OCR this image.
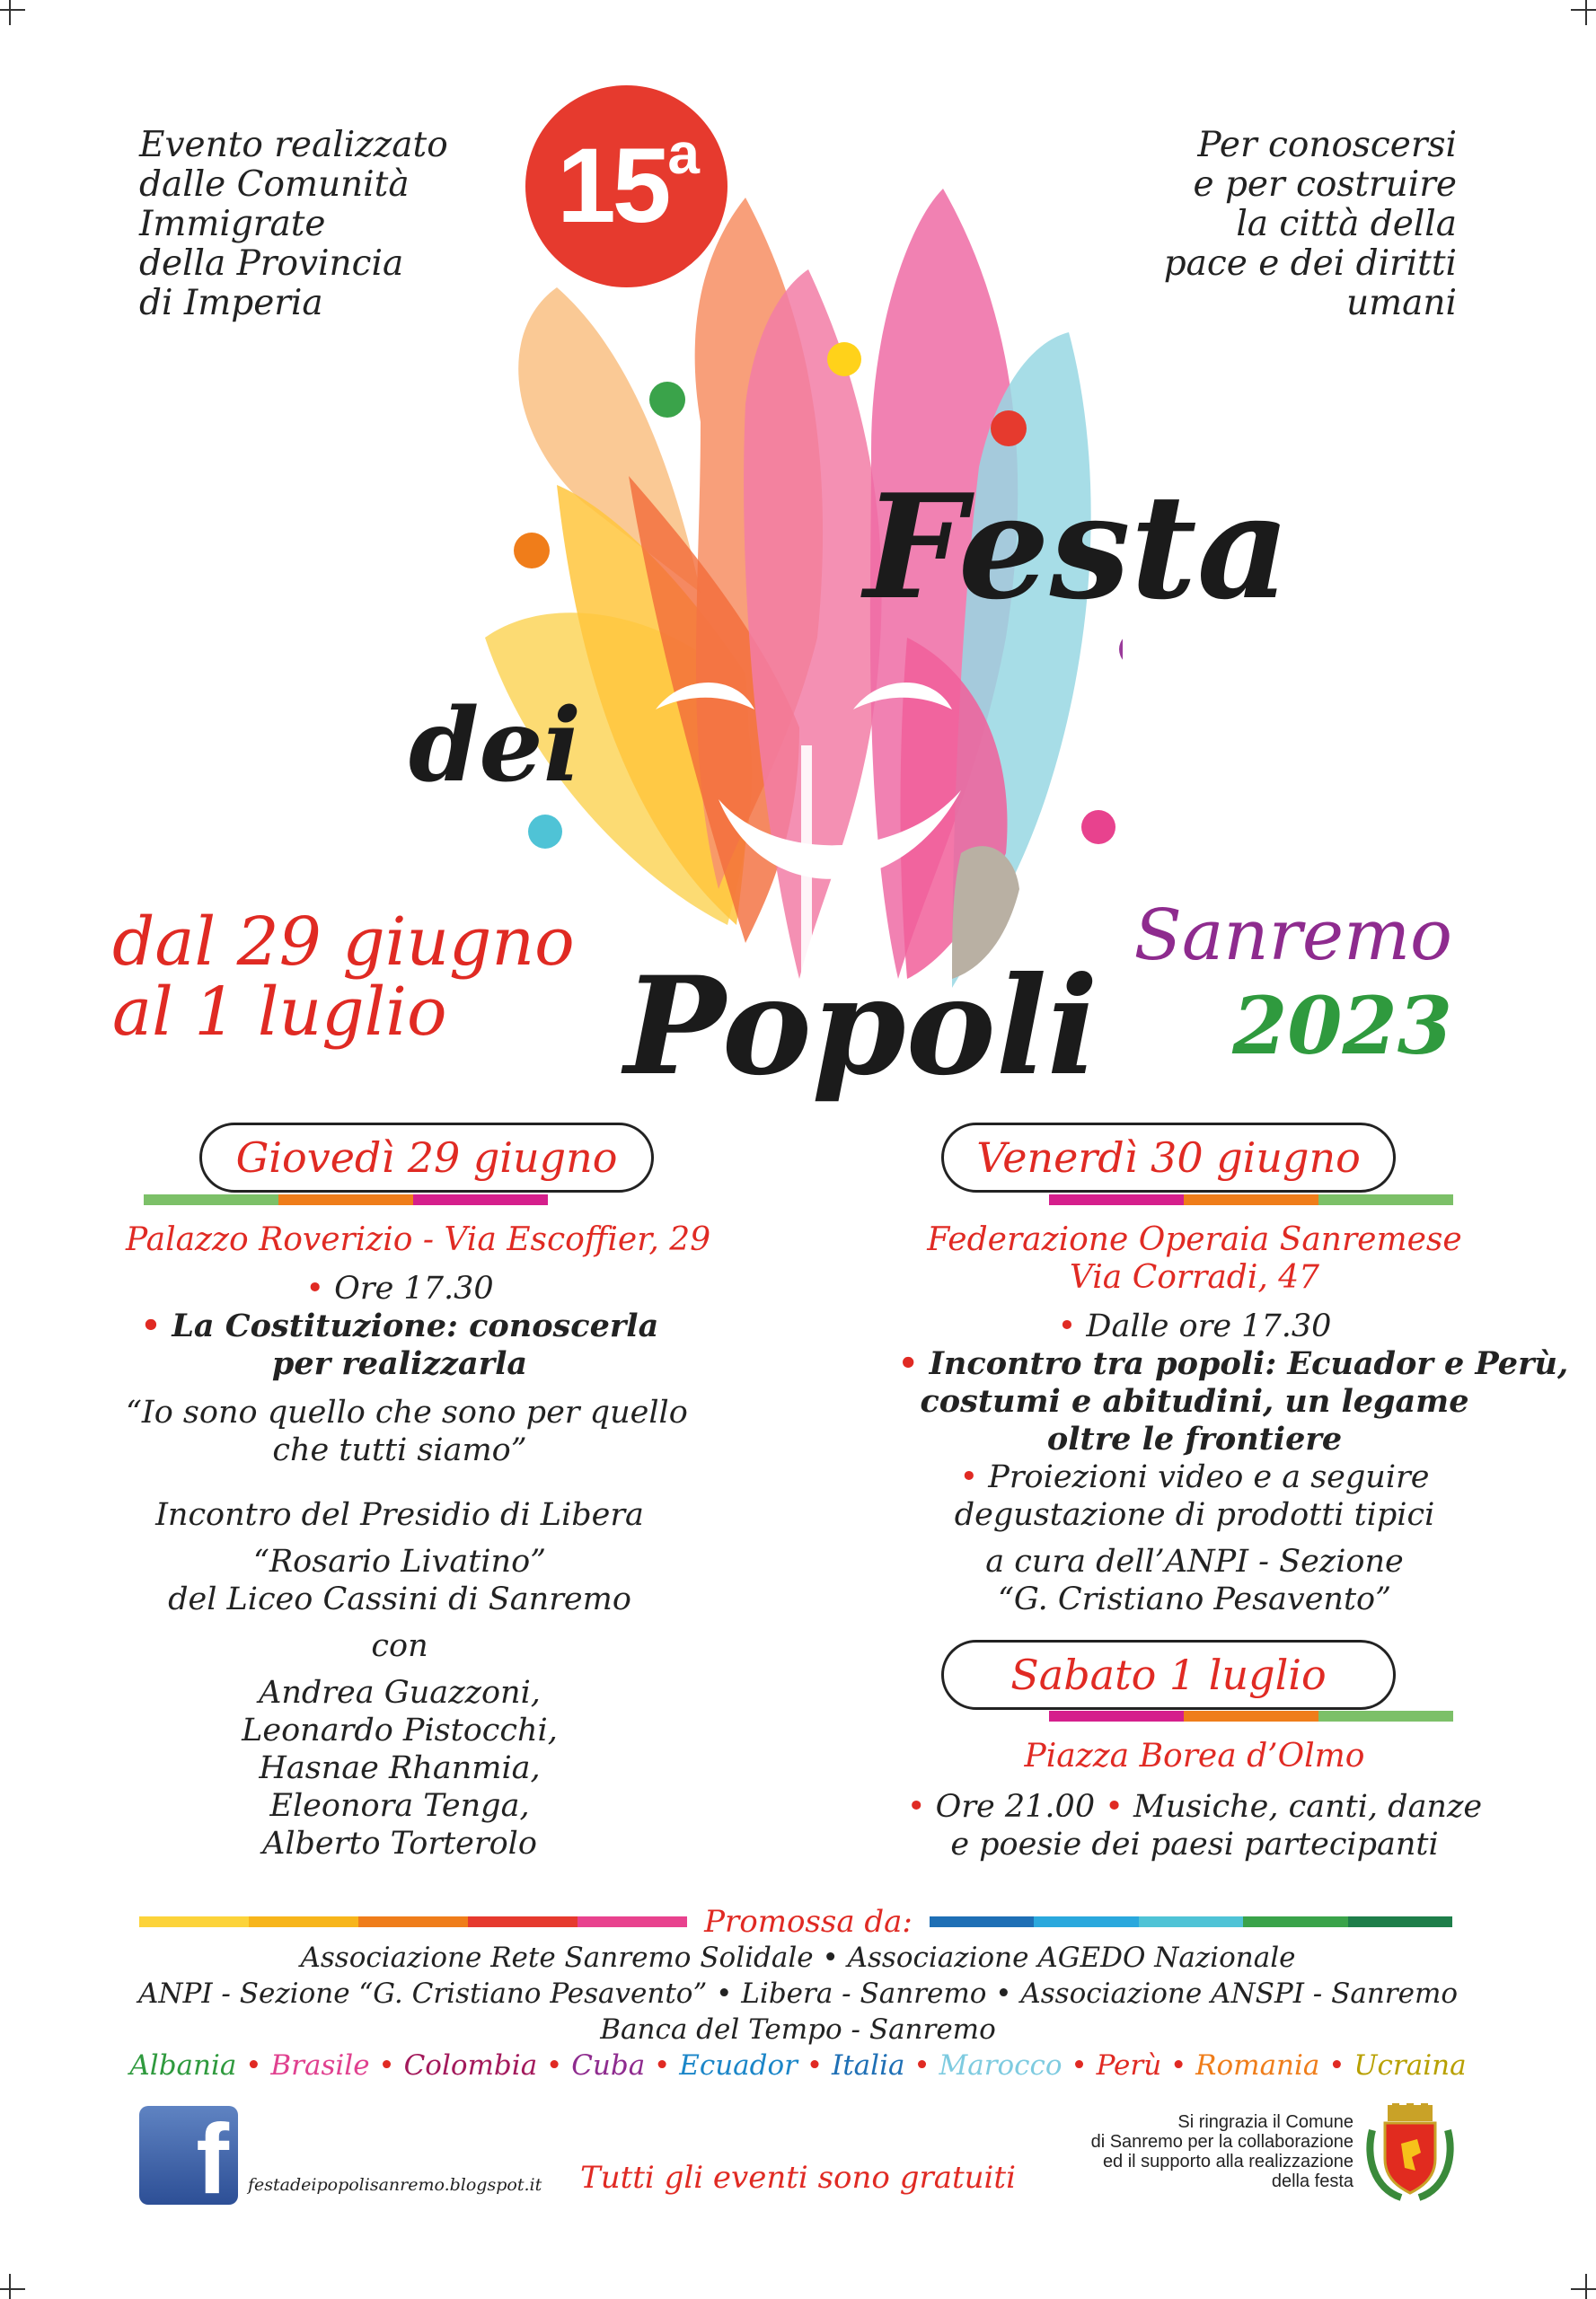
Evento realizzato
dalle Comunità
Immigrate
della Provincia
di Imperia
Per conoscersi
e per costruire
la città della
pace e dei diritti
umani
15$^a$
Festa
dei
Popoli
dal 29 giugno
al 1 luglio
Sanremo
2023
Giovedì 29 giugno	Venerdì 30 giugno
Palazzo Roverizio - Via Escoffier, 29
• Ore 17.30
• La Costituzione: conoscerla
per realizzarla
“Io sono quello che sono per quello
che tutti siamo”
Incontro del Presidio di Libera
“Rosario Livatino”
del Liceo Cassini di Sanremo
con
Andrea Guazzoni,
Leonardo Pistocchi,
Hasnae Rhanmia,
Eleonora Tenga,
Alberto Torterolo
Federazione Operaia Sanremese
Via Corradi, 47
• Dalle ore 17.30
• Incontro tra popoli: Ecuador e Perù,
costumi e abitudini, un legame
oltre le frontiere
• Proiezioni video e a seguire
degustazione di prodotti tipici
a cura dell’ANPI - Sezione
“G. Cristiano Pesavento”
Sabato 1 luglio
Piazza Borea d’Olmo
• Ore 21.00 • Musiche, canti, danze
e poesie dei paesi partecipanti
Promossa da:
Associazione Rete Sanremo Solidale • Associazione AGEDO Nazionale
ANPI - Sezione “G. Cristiano Pesavento” • Libera - Sanremo • Associazione ANSPI - Sanremo
Banca del Tempo - Sanremo
Albania • Brasile • Colombia • Cuba • Ecuador • Italia • Marocco • Perù • Romania • Ucraina
f	festadeipopolisanremo.blogspot.it	Tutti gli eventi sono gratuiti
Si ringrazia il Comune
di Sanremo per la collaborazione
ed il supporto alla realizzazione
della festa
